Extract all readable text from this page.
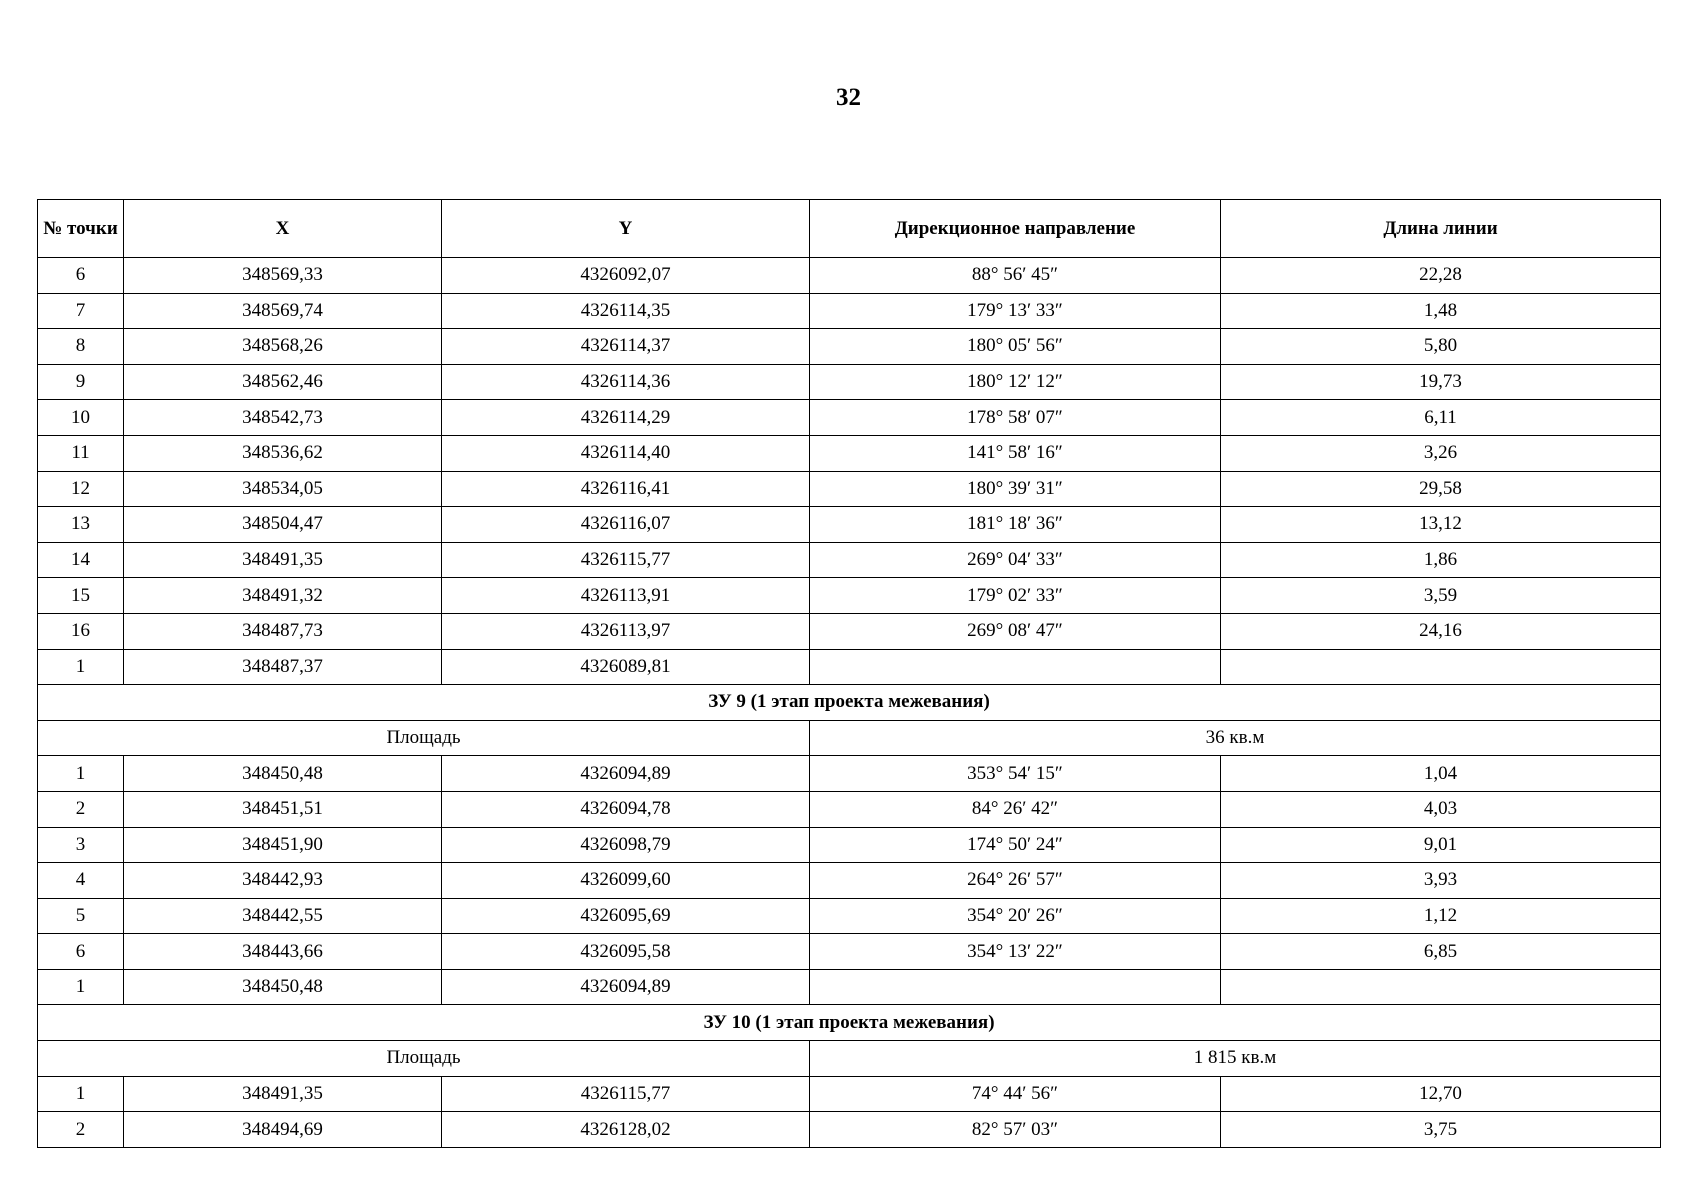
32
№ точки	X	Y	Дирекционное направление	Длина линии
6	348569,33	4326092,07	88° 56′ 45″	22,28
7	348569,74	4326114,35	179° 13′ 33″	1,48
8	348568,26	4326114,37	180° 05′ 56″	5,80
9	348562,46	4326114,36	180° 12′ 12″	19,73
10	348542,73	4326114,29	178° 58′ 07″	6,11
11	348536,62	4326114,40	141° 58′ 16″	3,26
12	348534,05	4326116,41	180° 39′ 31″	29,58
13	348504,47	4326116,07	181° 18′ 36″	13,12
14	348491,35	4326115,77	269° 04′ 33″	1,86
15	348491,32	4326113,91	179° 02′ 33″	3,59
16	348487,73	4326113,97	269° 08′ 47″	24,16
1	348487,37	4326089,81		
ЗУ 9 (1 этап проекта межевания)				
Площадь			36 кв.м	
1	348450,48	4326094,89	353° 54′ 15″	1,04
2	348451,51	4326094,78	84° 26′ 42″	4,03
3	348451,90	4326098,79	174° 50′ 24″	9,01
4	348442,93	4326099,60	264° 26′ 57″	3,93
5	348442,55	4326095,69	354° 20′ 26″	1,12
6	348443,66	4326095,58	354° 13′ 22″	6,85
1	348450,48	4326094,89		
ЗУ 10 (1 этап проекта межевания)				
Площадь			1 815 кв.м	
1	348491,35	4326115,77	74° 44′ 56″	12,70
2	348494,69	4326128,02	82° 57′ 03″	3,75
